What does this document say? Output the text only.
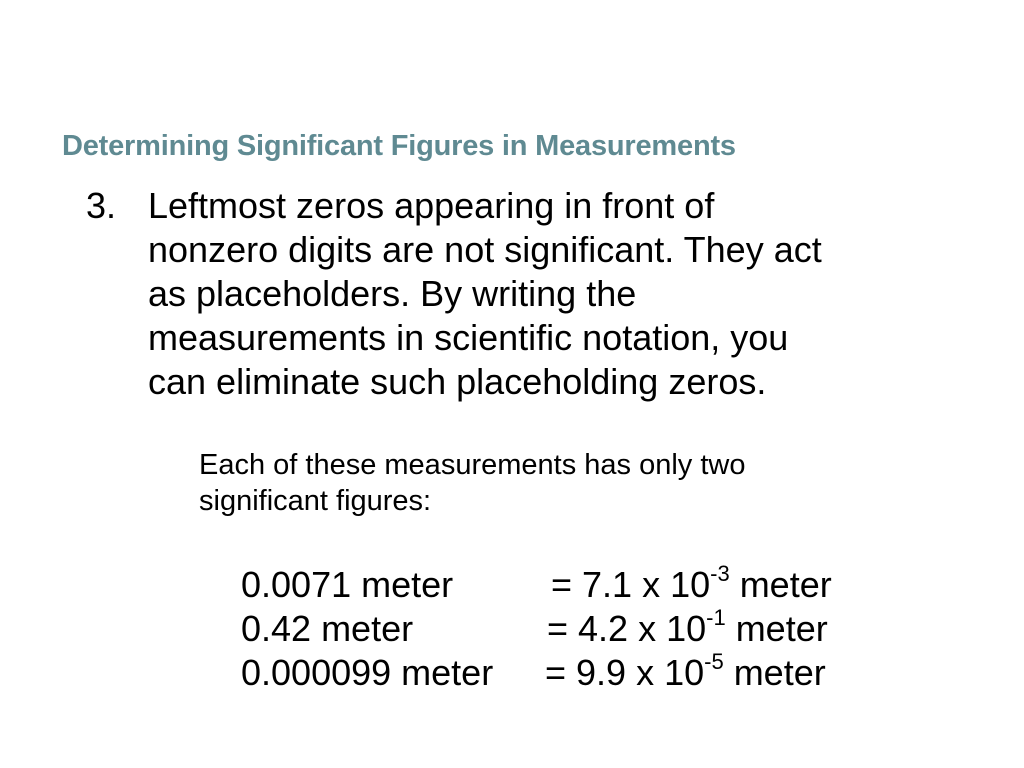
Determining Significant Figures in Measurements
3. Leftmost zeros appearing in front of
nonzero digits are not significant. They act
as placeholders. By writing the
measurements in scientific notation, you
can eliminate such placeholding zeros.
Each of these measurements has only two
significant figures:
0.0071 meter	= 7.1 x $10^{-3}$ meter
0.42 meter	= 4.2 x $10^{-1}$ meter
0.000099 meter = 9.9 x $10^{-5}$ meter
